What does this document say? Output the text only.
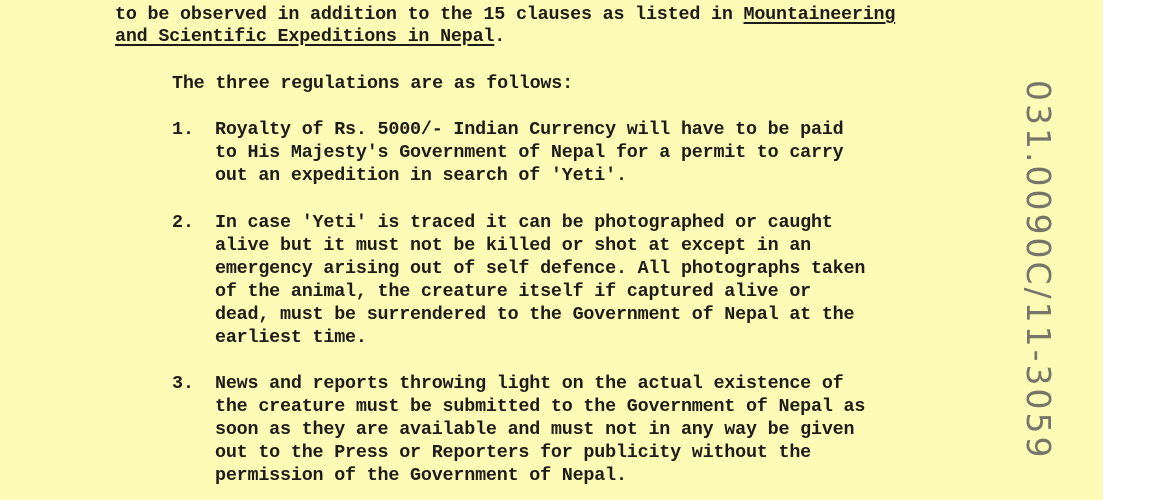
to be observed in addition to the 15 clauses as listed in Mountaineering
and Scientific Expeditions in Nepal.
The three regulations are as follows:
1. Royalty of Rs. 5000/- Indian Currency will have to be paid
to His Majesty's Government of Nepal for a permit to carry
out an expedition in search of 'Yeti'.
2. In case 'Yeti' is traced it can be photographed or caught
alive but it must not be killed or shot at except in an
emergency arising out of self defence. All photographs taken
of the animal, the creature itself if captured alive or
dead, must be surrendered to the Government of Nepal at the
earliest time.
3. News and reports throwing light on the actual existence of
the creature must be submitted to the Government of Nepal as
soon as they are available and must not in any way be given
out to the Press or Reporters for publicity without the
permission of the Government of Nepal.
031.0090C/11-3059
